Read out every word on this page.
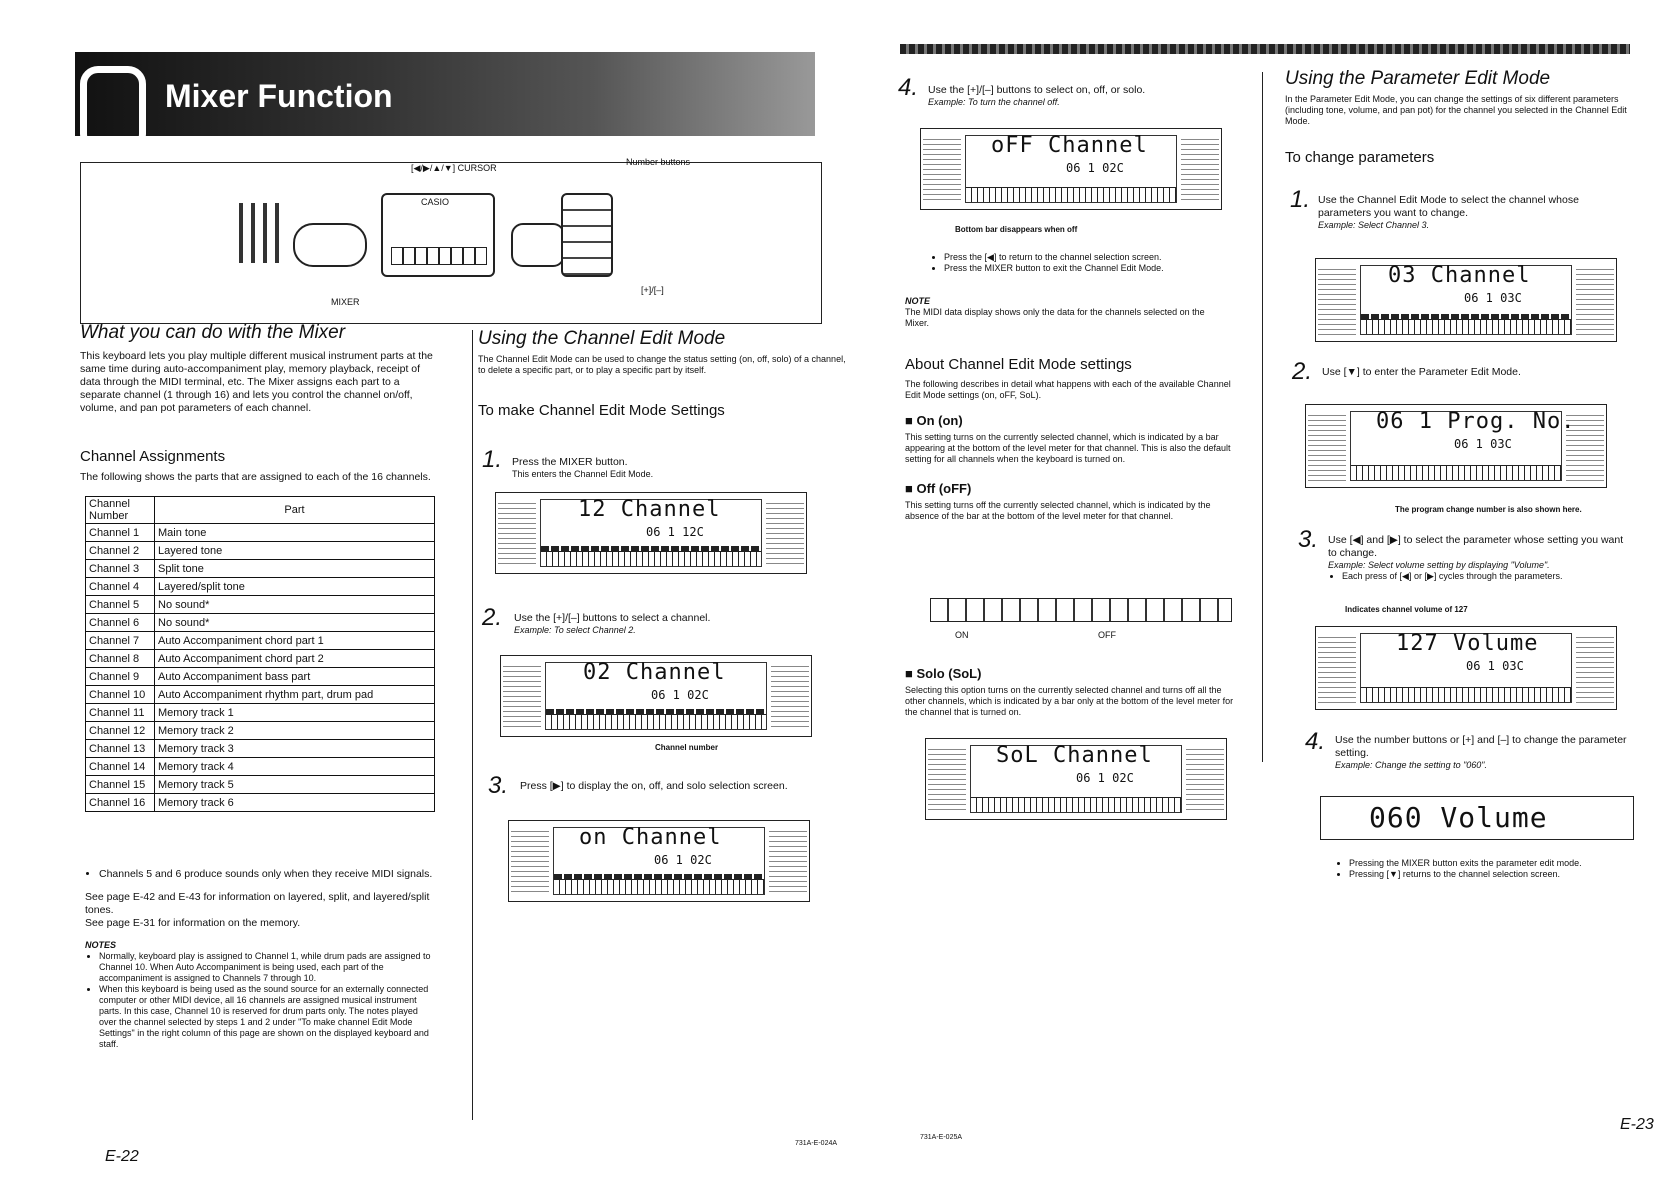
Mixer Function
[◀/▶/▲/▼] CURSOR
Number buttons
MIXER
[+]/[–]
CASIO
What you can do with the Mixer
This keyboard lets you play multiple different musical instrument parts at the same time during auto-accompaniment play, memory playback, receipt of data through the MIDI terminal, etc. The Mixer assigns each part to a separate channel (1 through 16) and lets you control the channel on/off, volume, and pan pot parameters of each channel.
Channel Assignments
The following shows the parts that are assigned to each of the 16 channels.
Channel Number	Part
Channel 1	Main tone
Channel 2	Layered tone
Channel 3	Split tone
Channel 4	Layered/split tone
Channel 5	No sound*
Channel 6	No sound*
Channel 7	Auto Accompaniment chord part 1
Channel 8	Auto Accompaniment chord part 2
Channel 9	Auto Accompaniment bass part
Channel 10	Auto Accompaniment rhythm part, drum pad
Channel 11	Memory track 1
Channel 12	Memory track 2
Channel 13	Memory track 3
Channel 14	Memory track 4
Channel 15	Memory track 5
Channel 16	Memory track 6
• Channels 5 and 6 produce sounds only when they receive MIDI signals.
See page E-42 and E-43 for information on layered, split, and layered/split tones.
See page E-31 for information on the memory.
NOTES
• Normally, keyboard play is assigned to Channel 1, while drum pads are assigned to Channel 10. When Auto Accompaniment is being used, each part of the accompaniment is assigned to Channels 7 through 10.
• When this keyboard is being used as the sound source for an externally connected computer or other MIDI device, all 16 channels are assigned musical instrument parts. In this case, Channel 10 is reserved for drum parts only. The notes played over the channel selected by steps 1 and 2 under "To make channel Edit Mode Settings" in the right column of this page are shown on the displayed keyboard and staff.
E-22
731A-E-024A
Using the Channel Edit Mode
The Channel Edit Mode can be used to change the status setting (on, off, solo) of a channel, to delete a specific part, or to play a specific part by itself.
To make Channel Edit Mode Settings
1. Press the MIXER button.
This enters the Channel Edit Mode.
12 Channel
06 1 12C
2. Use the [+]/[–] buttons to select a channel.
Example: To select Channel 2.
02 Channel
06 1 02C
Channel number
3. Press [▶] to display the on, off, and solo selection screen.
on Channel
06 1 02C
4. Use the [+]/[–] buttons to select on, off, or solo.
Example: To turn the channel off.
oFF Channel
06 1 02C
Bottom bar disappears when off
• Press the [◀] to return to the channel selection screen.
• Press the MIXER button to exit the Channel Edit Mode.
NOTE
The MIDI data display shows only the data for the channels selected on the Mixer.
About Channel Edit Mode settings
The following describes in detail what happens with each of the available Channel Edit Mode settings (on, oFF, SoL).
■ On (on)
This setting turns on the currently selected channel, which is indicated by a bar appearing at the bottom of the level meter for that channel. This is also the default setting for all channels when the keyboard is turned on.
■ Off (oFF)
This setting turns off the currently selected channel, which is indicated by the absence of the bar at the bottom of the level meter for that channel.
ON	OFF
■ Solo (SoL)
Selecting this option turns on the currently selected channel and turns off all the other channels, which is indicated by a bar only at the bottom of the level meter for the channel that is turned on.
SoL Channel
06 1 02C
731A-E-025A
Using the Parameter Edit Mode
In the Parameter Edit Mode, you can change the settings of six different parameters (including tone, volume, and pan pot) for the channel you selected in the Channel Edit Mode.
To change parameters
1. Use the Channel Edit Mode to select the channel whose parameters you want to change.
Example: Select Channel 3.
03 Channel
06 1 03C
2. Use [▼] to enter the Parameter Edit Mode.
06 1 Prog. No.
06 1 03C
The program change number is also shown here.
3. Use [◀] and [▶] to select the parameter whose setting you want to change.
Example: Select volume setting by displaying "Volume".
• Each press of [◀] or [▶] cycles through the parameters.
Indicates channel volume of 127
127 Volume
06 1 03C
4. Use the number buttons or [+] and [–] to change the parameter setting.
Example: Change the setting to "060".
060 Volume
• Pressing the MIXER button exits the parameter edit mode.
• Pressing [▼] returns to the channel selection screen.
E-23
